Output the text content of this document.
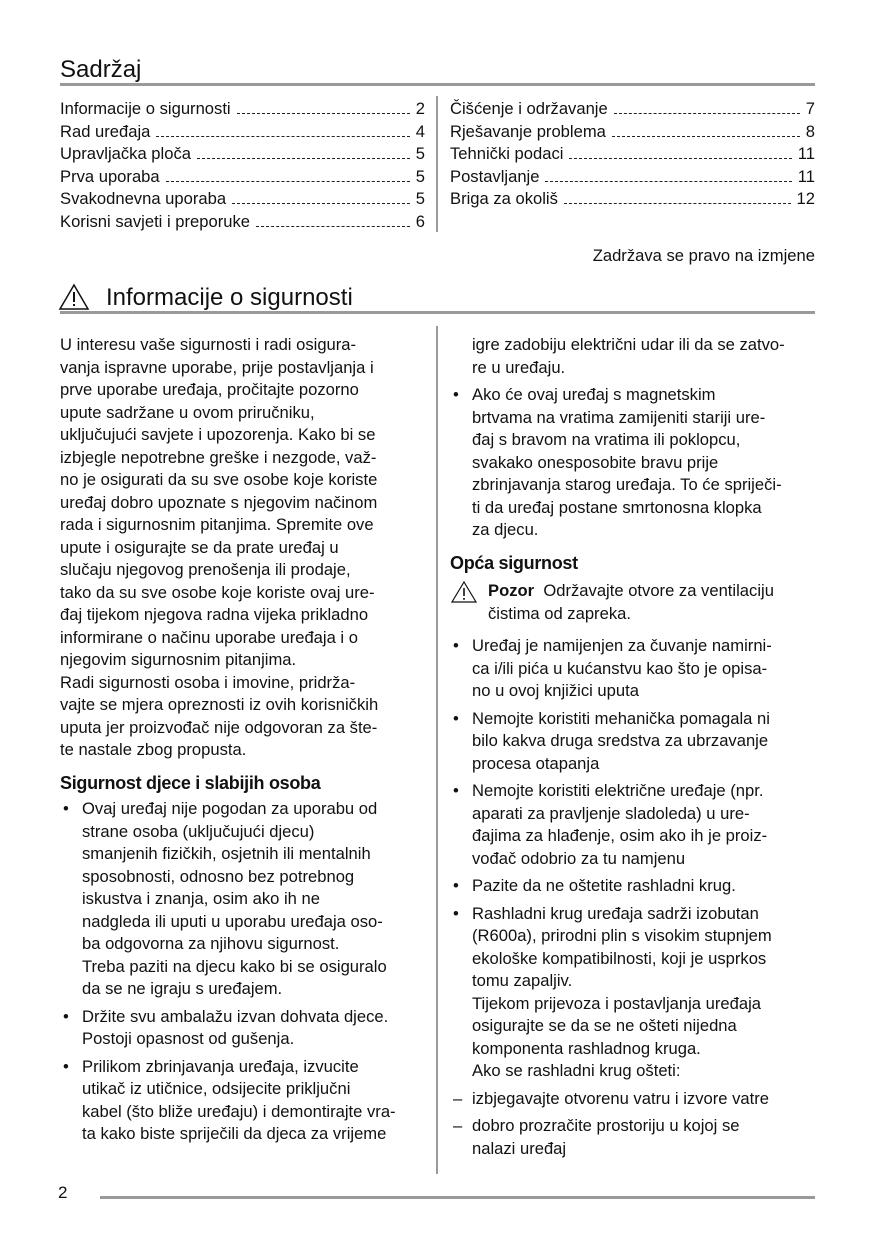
Sadržaj
Informacije o sigurnosti	2
Rad uređaja	4
Upravljačka ploča	5
Prva uporaba	5
Svakodnevna uporaba	5
Korisni savjeti i preporuke	6
Čišćenje i održavanje	7
Rješavanje problema	8
Tehnički podaci	11
Postavljanje	11
Briga za okoliš	12
Zadržava se pravo na izmjene
Informacije o sigurnosti

U interesu vaše sigurnosti i radi osigura-
vanja ispravne uporabe, prije postavljanja i
prve uporabe uređaja, pročitajte pozorno
upute sadržane u ovom priručniku,
uključujući savjete i upozorenja. Kako bi se
izbjegle nepotrebne greške i nezgode, važ-
no je osigurati da su sve osobe koje koriste
uređaj dobro upoznate s njegovim načinom
rada i sigurnosnim pitanjima. Spremite ove
upute i osigurajte se da prate uređaj u
slučaju njegovog prenošenja ili prodaje,
tako da su sve osobe koje koriste ovaj ure-
đaj tijekom njegova radna vijeka prikladno
informirane o načinu uporabe uređaja i o
njegovim sigurnosnim pitanjima.

Radi sigurnosti osoba i imovine, pridrža-
vajte se mjera opreznosti iz ovih korisničkih
uputa jer proizvođač nije odgovoran za šte-
te nastale zbog propusta.

Sigurnost djece i slabijih osoba
• Ovaj uređaj nije pogodan za uporabu od
strane osoba (uključujući djecu)
smanjenih fizičkih, osjetnih ili mentalnih
sposobnosti, odnosno bez potrebnog
iskustva i znanja, osim ako ih ne
nadgleda ili uputi u uporabu uređaja oso-
ba odgovorna za njihovu sigurnost.
Treba paziti na djecu kako bi se osiguralo
da se ne igraju s uređajem.
• Držite svu ambalažu izvan dohvata djece.
Postoji opasnost od gušenja.
• Prilikom zbrinjavanja uređaja, izvucite
utikač iz utičnice, odsijecite priključni
kabel (što bliže uređaju) i demontirajte vra-
ta kako biste spriječili da djeca za vrijeme
igre zadobiju električni udar ili da se zatvo-
re u uređaju.
• Ako će ovaj uređaj s magnetskim
brtvama na vratima zamijeniti stariji ure-
đaj s bravom na vratima ili poklopcu,
svakako onesposobite bravu prije
zbrinjavanja starog uređaja. To će spriječi-
ti da uređaj postane smrtonosna klopka
za djecu.
Opća sigurnost
Pozor Održavajte otvore za ventilaciju
čistima od zapreka.
• Uređaj je namijenjen za čuvanje namirni-
ca i/ili pića u kućanstvu kao što je opisa-
no u ovoj knjižici uputa
• Nemojte koristiti mehanička pomagala ni
bilo kakva druga sredstva za ubrzavanje
procesa otapanja
• Nemojte koristiti električne uređaje (npr.
aparati za pravljenje sladoleda) u ure-
đajima za hlađenje, osim ako ih je proiz-
vođač odobrio za tu namjenu
• Pazite da ne oštetite rashladni krug.
• Rashladni krug uređaja sadrži izobutan
(R600a), prirodni plin s visokim stupnjem
ekološke kompatibilnosti, koji je usprkos
tomu zapaljiv.
Tijekom prijevoza i postavljanja uređaja
osigurajte se da se ne ošteti nijedna
komponenta rashladnog kruga.
Ako se rashladni krug ošteti:
– izbjegavajte otvorenu vatru i izvore vatre
– dobro prozračite prostoriju u kojoj se
nalazi uređaj
2
